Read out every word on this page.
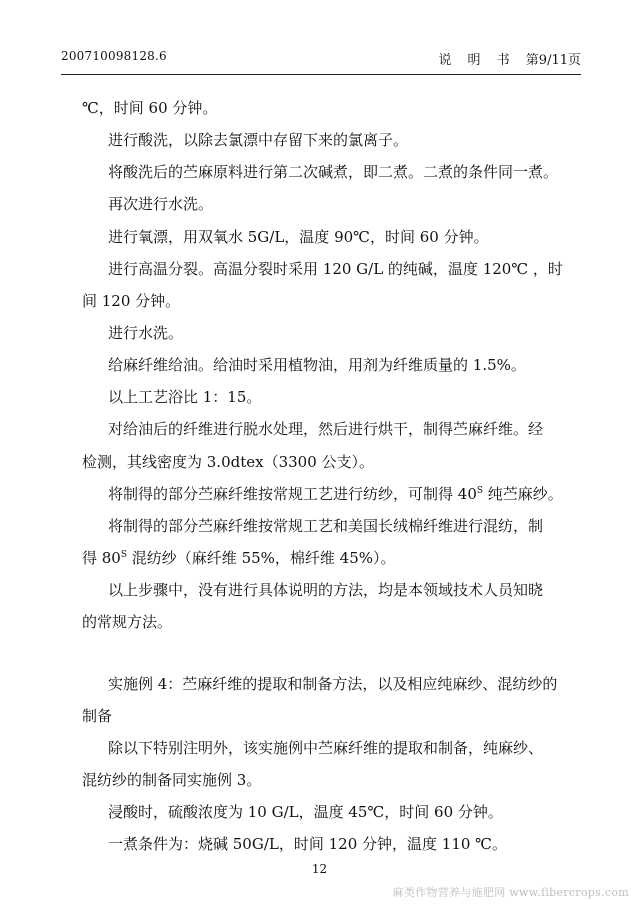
200710098128.6	说 明 书 第9/11页
℃，时间 60 分钟。
进行酸洗，以除去氯漂中存留下来的氯离子。
将酸洗后的苎麻原料进行第二次碱煮，即二煮。二煮的条件同一煮。
再次进行水洗。
进行氧漂，用双氧水 5G/L，温度 90℃，时间 60 分钟。
进行高温分裂。高温分裂时采用 120 G/L 的纯碱，温度 120℃ ，时
间 120 分钟。
进行水洗。
给麻纤维给油。给油时采用植物油，用剂为纤维质量的 1.5%。
以上工艺浴比 1：15。
对给油后的纤维进行脱水处理，然后进行烘干，制得苎麻纤维。经
检测，其线密度为 3.0dtex（3300 公支）。
将制得的部分苎麻纤维按常规工艺进行纺纱，可制得 $40^S$ 纯苎麻纱。
将制得的部分苎麻纤维按常规工艺和美国长绒棉纤维进行混纺，制
得 $80^S$ 混纺纱（麻纤维 55%，棉纤维 45%）。
以上步骤中，没有进行具体说明的方法，均是本领域技术人员知晓
的常规方法。
实施例 4：苎麻纤维的提取和制备方法，以及相应纯麻纱、混纺纱的
制备
除以下特别注明外，该实施例中苎麻纤维的提取和制备，纯麻纱、
混纺纱的制备同实施例 3。
浸酸时，硫酸浓度为 10 G/L，温度 45℃，时间 60 分钟。
一煮条件为：烧碱 50G/L，时间 120 分钟，温度 110 ℃。
12
麻类作物营养与施肥网 www.fibercrops.com
